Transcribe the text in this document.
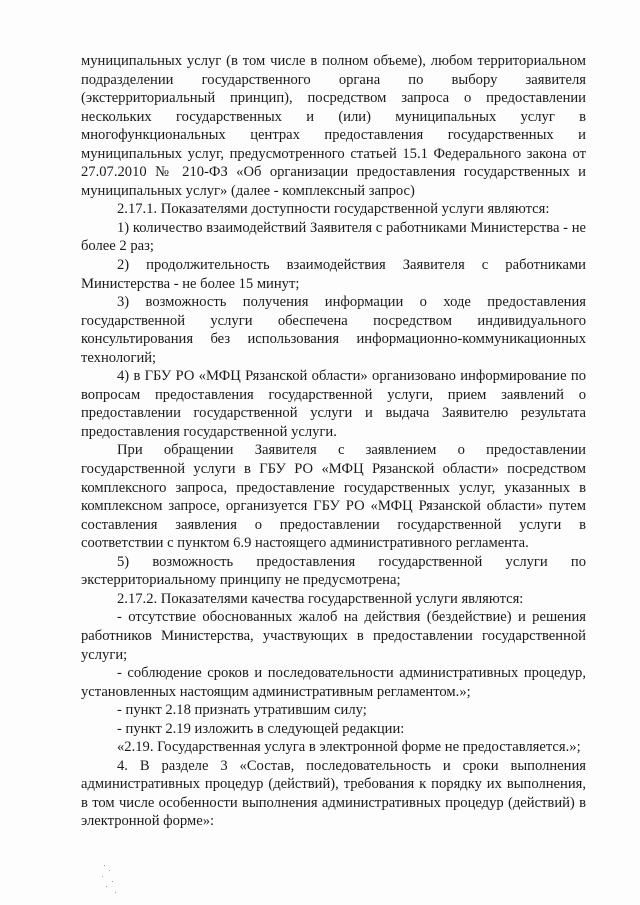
муниципальных услуг (в том числе в полном объеме), любом территориальном подразделении государственного органа по выбору заявителя (экстерриториальный принцип), посредством запроса о предоставлении нескольких государственных и (или) муниципальных услуг в многофункциональных центрах предоставления государственных и муниципальных услуг, предусмотренного статьей 15.1 Федерального закона от 27.07.2010 № 210-ФЗ «Об организации предоставления государственных и муниципальных услуг» (далее - комплексный запрос)

2.17.1. Показателями доступности государственной услуги являются:

1) количество взаимодействий Заявителя с работниками Министерства - не более 2 раз;

2) продолжительность взаимодействия Заявителя с работниками Министерства - не более 15 минут;

3) возможность получения информации о ходе предоставления государственной услуги обеспечена посредством индивидуального консультирования без использования информационно-коммуникационных технологий;

4) в ГБУ РО «МФЦ Рязанской области» организовано информирование по вопросам предоставления государственной услуги, прием заявлений о предоставлении государственной услуги и выдача Заявителю результата предоставления государственной услуги.

При обращении Заявителя с заявлением о предоставлении государственной услуги в ГБУ РО «МФЦ Рязанской области» посредством комплексного запроса, предоставление государственных услуг, указанных в комплексном запросе, организуется ГБУ РО «МФЦ Рязанской области» путем составления заявления о предоставлении государственной услуги в соответствии с пунктом 6.9 настоящего административного регламента.

5) возможность предоставления государственной услуги по экстерриториальному принципу не предусмотрена;

2.17.2. Показателями качества государственной услуги являются:

- отсутствие обоснованных жалоб на действия (бездействие) и решения работников Министерства, участвующих в предоставлении государственной услуги;

- соблюдение сроков и последовательности административных процедур, установленных настоящим административным регламентом.»;

- пункт 2.18 признать утратившим силу;

- пункт 2.19 изложить в следующей редакции:

«2.19. Государственная услуга в электронной форме не предоставляется.»;

4. В разделе 3 «Состав, последовательность и сроки выполнения административных процедур (действий), требования к порядку их выполнения, в том числе особенности выполнения административных процедур (действий) в электронной форме»:
